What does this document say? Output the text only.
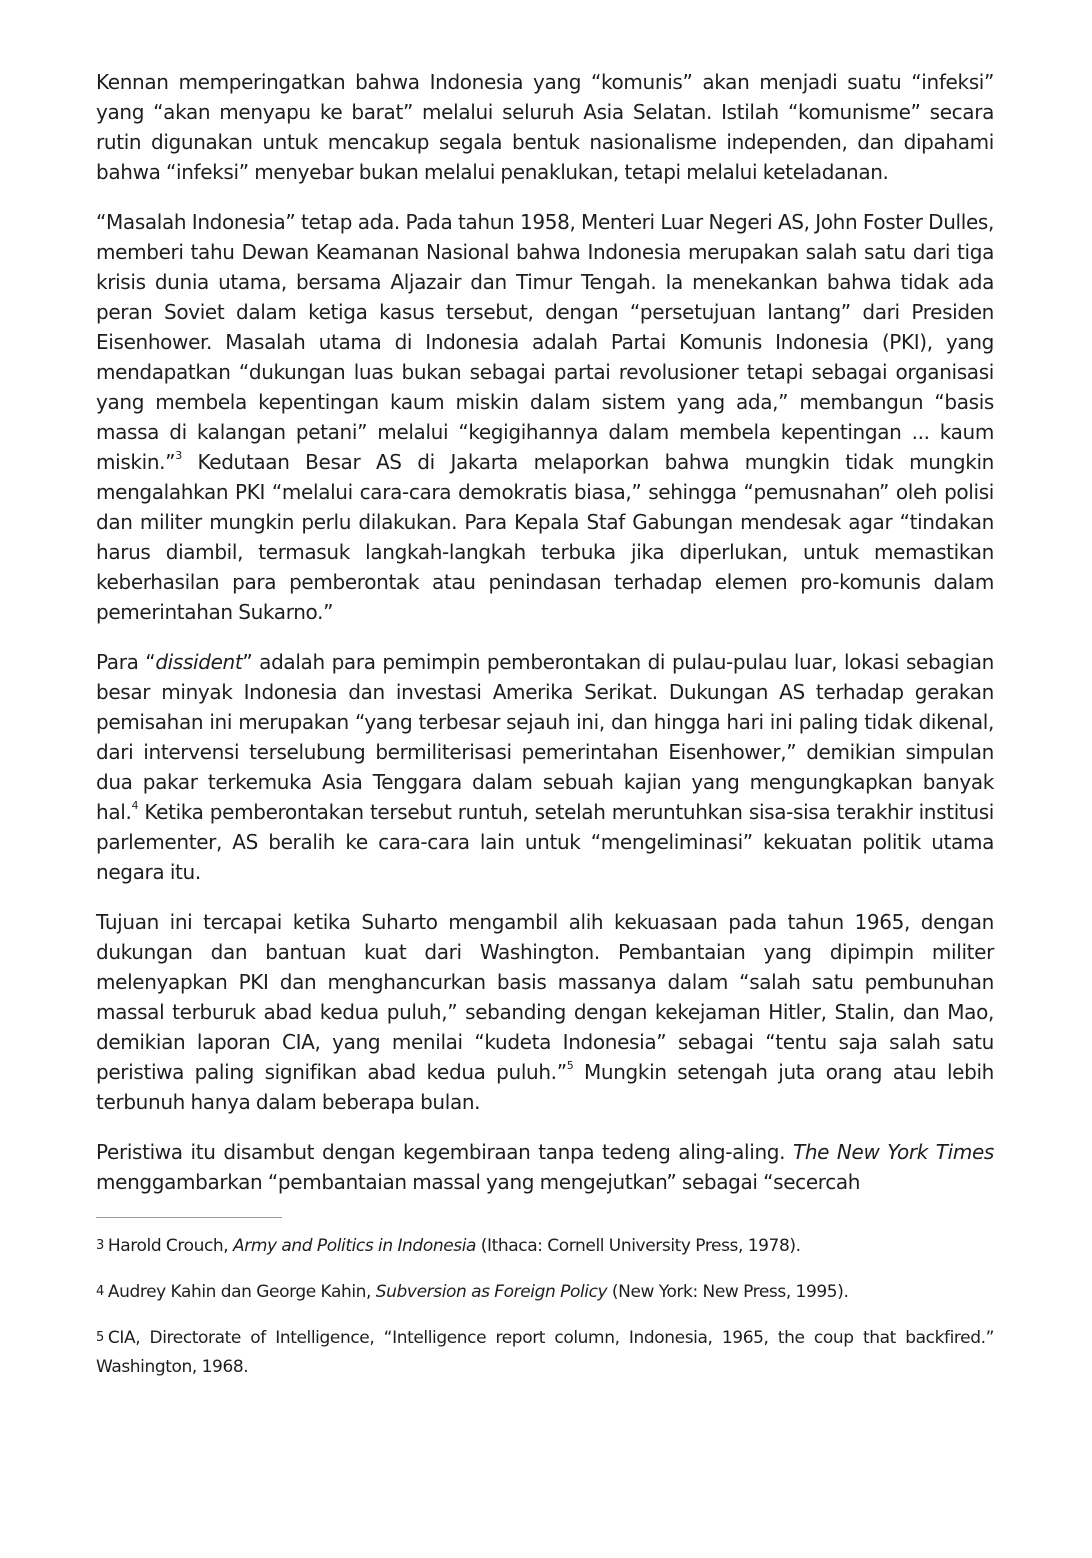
Kennan memperingatkan bahwa Indonesia yang “komunis” akan menjadi suatu “infeksi” yang “akan menyapu ke barat” melalui seluruh Asia Selatan. Istilah “komunisme” secara rutin digunakan untuk mencakup segala bentuk nasionalisme independen, dan dipahami bahwa “infeksi” menyebar bukan melalui penaklukan, tetapi melalui keteladanan.

“Masalah Indonesia” tetap ada. Pada tahun 1958, Menteri Luar Negeri AS, John Foster Dulles, memberi tahu Dewan Keamanan Nasional bahwa Indonesia merupakan salah satu dari tiga krisis dunia utama, bersama Aljazair dan Timur Tengah. Ia menekankan bahwa tidak ada peran Soviet dalam ketiga kasus tersebut, dengan “persetujuan lantang” dari Presiden Eisenhower. Masalah utama di Indonesia adalah Partai Komunis Indonesia (PKI), yang mendapatkan “dukungan luas bukan sebagai partai revolusioner tetapi sebagai organisasi yang membela kepentingan kaum miskin dalam sistem yang ada,” membangun “basis massa di kalangan petani” melalui “kegigihannya dalam membela kepentingan ... kaum miskin.”$^3$ Kedutaan Besar AS di Jakarta melaporkan bahwa mungkin tidak mungkin mengalahkan PKI “melalui cara-cara demokratis biasa,” sehingga “pemusnahan” oleh polisi dan militer mungkin perlu dilakukan. Para Kepala Staf Gabungan mendesak agar “tindakan harus diambil, termasuk langkah-langkah terbuka jika diperlukan, untuk memastikan keberhasilan para pemberontak atau penindasan terhadap elemen pro-komunis dalam pemerintahan Sukarno.”

Para “dissident” adalah para pemimpin pemberontakan di pulau-pulau luar, lokasi sebagian besar minyak Indonesia dan investasi Amerika Serikat. Dukungan AS terhadap gerakan pemisahan ini merupakan “yang terbesar sejauh ini, dan hingga hari ini paling tidak dikenal, dari intervensi terselubung bermiliterisasi pemerintahan Eisenhower,” demikian simpulan dua pakar terkemuka Asia Tenggara dalam sebuah kajian yang mengungkapkan banyak hal.$^4$ Ketika pemberontakan tersebut runtuh, setelah meruntuhkan sisa-sisa terakhir institusi parlementer, AS beralih ke cara-cara lain untuk “mengeliminasi” kekuatan politik utama negara itu.

Tujuan ini tercapai ketika Suharto mengambil alih kekuasaan pada tahun 1965, dengan dukungan dan bantuan kuat dari Washington. Pembantaian yang dipimpin militer melenyapkan PKI dan menghancurkan basis massanya dalam “salah satu pembunuhan massal terburuk abad kedua puluh,” sebanding dengan kekejaman Hitler, Stalin, dan Mao, demikian laporan CIA, yang menilai “kudeta Indonesia” sebagai “tentu saja salah satu peristiwa paling signifikan abad kedua puluh.”$^5$ Mungkin setengah juta orang atau lebih terbunuh hanya dalam beberapa bulan.

Peristiwa itu disambut dengan kegembiraan tanpa tedeng aling-aling. The New York Times menggambarkan “pembantaian massal yang mengejutkan” sebagai “secercah

$^3$ Harold Crouch, Army and Politics in Indonesia (Ithaca: Cornell University Press, 1978).

$^4$ Audrey Kahin dan George Kahin, Subversion as Foreign Policy (New York: New Press, 1995).

$^5$ CIA, Directorate of Intelligence, “Intelligence report column, Indonesia, 1965, the coup that backfired.” Washington, 1968.
